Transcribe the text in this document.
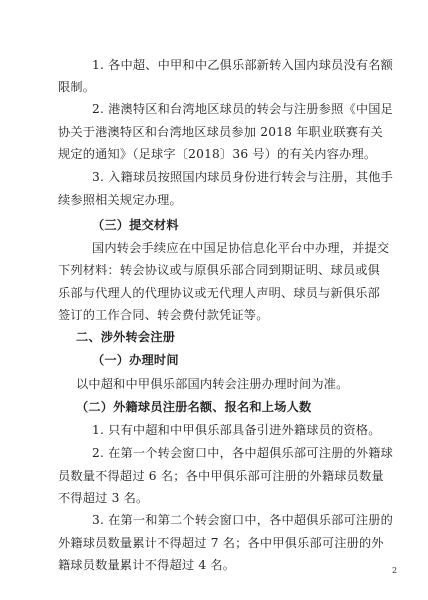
1. 各中超、中甲和中乙俱乐部新转入国内球员没有名额
限制。
2. 港澳特区和台湾地区球员的转会与注册参照《中国足
协关于港澳特区和台湾地区球员参加 2018 年职业联赛有关
规定的通知》（足球字〔2018〕36 号）的有关内容办理。
3. 入籍球员按照国内球员身份进行转会与注册，其他手
续参照相关规定办理。
（三）提交材料
国内转会手续应在中国足协信息化平台中办理，并提交
下列材料：转会协议或与原俱乐部合同到期证明、球员或俱
乐部与代理人的代理协议或无代理人声明、球员与新俱乐部
签订的工作合同、转会费付款凭证等。
二、涉外转会注册
（一）办理时间
以中超和中甲俱乐部国内转会注册办理时间为准。
（二）外籍球员注册名额、报名和上场人数
1. 只有中超和中甲俱乐部具备引进外籍球员的资格。
2. 在第一个转会窗口中，各中超俱乐部可注册的外籍球
员数量不得超过 6 名；各中甲俱乐部可注册的外籍球员数量
不得超过 3 名。
3. 在第一和第二个转会窗口中，各中超俱乐部可注册的
外籍球员数量累计不得超过 7 名；各中甲俱乐部可注册的外
籍球员数量累计不得超过 4 名。	2
